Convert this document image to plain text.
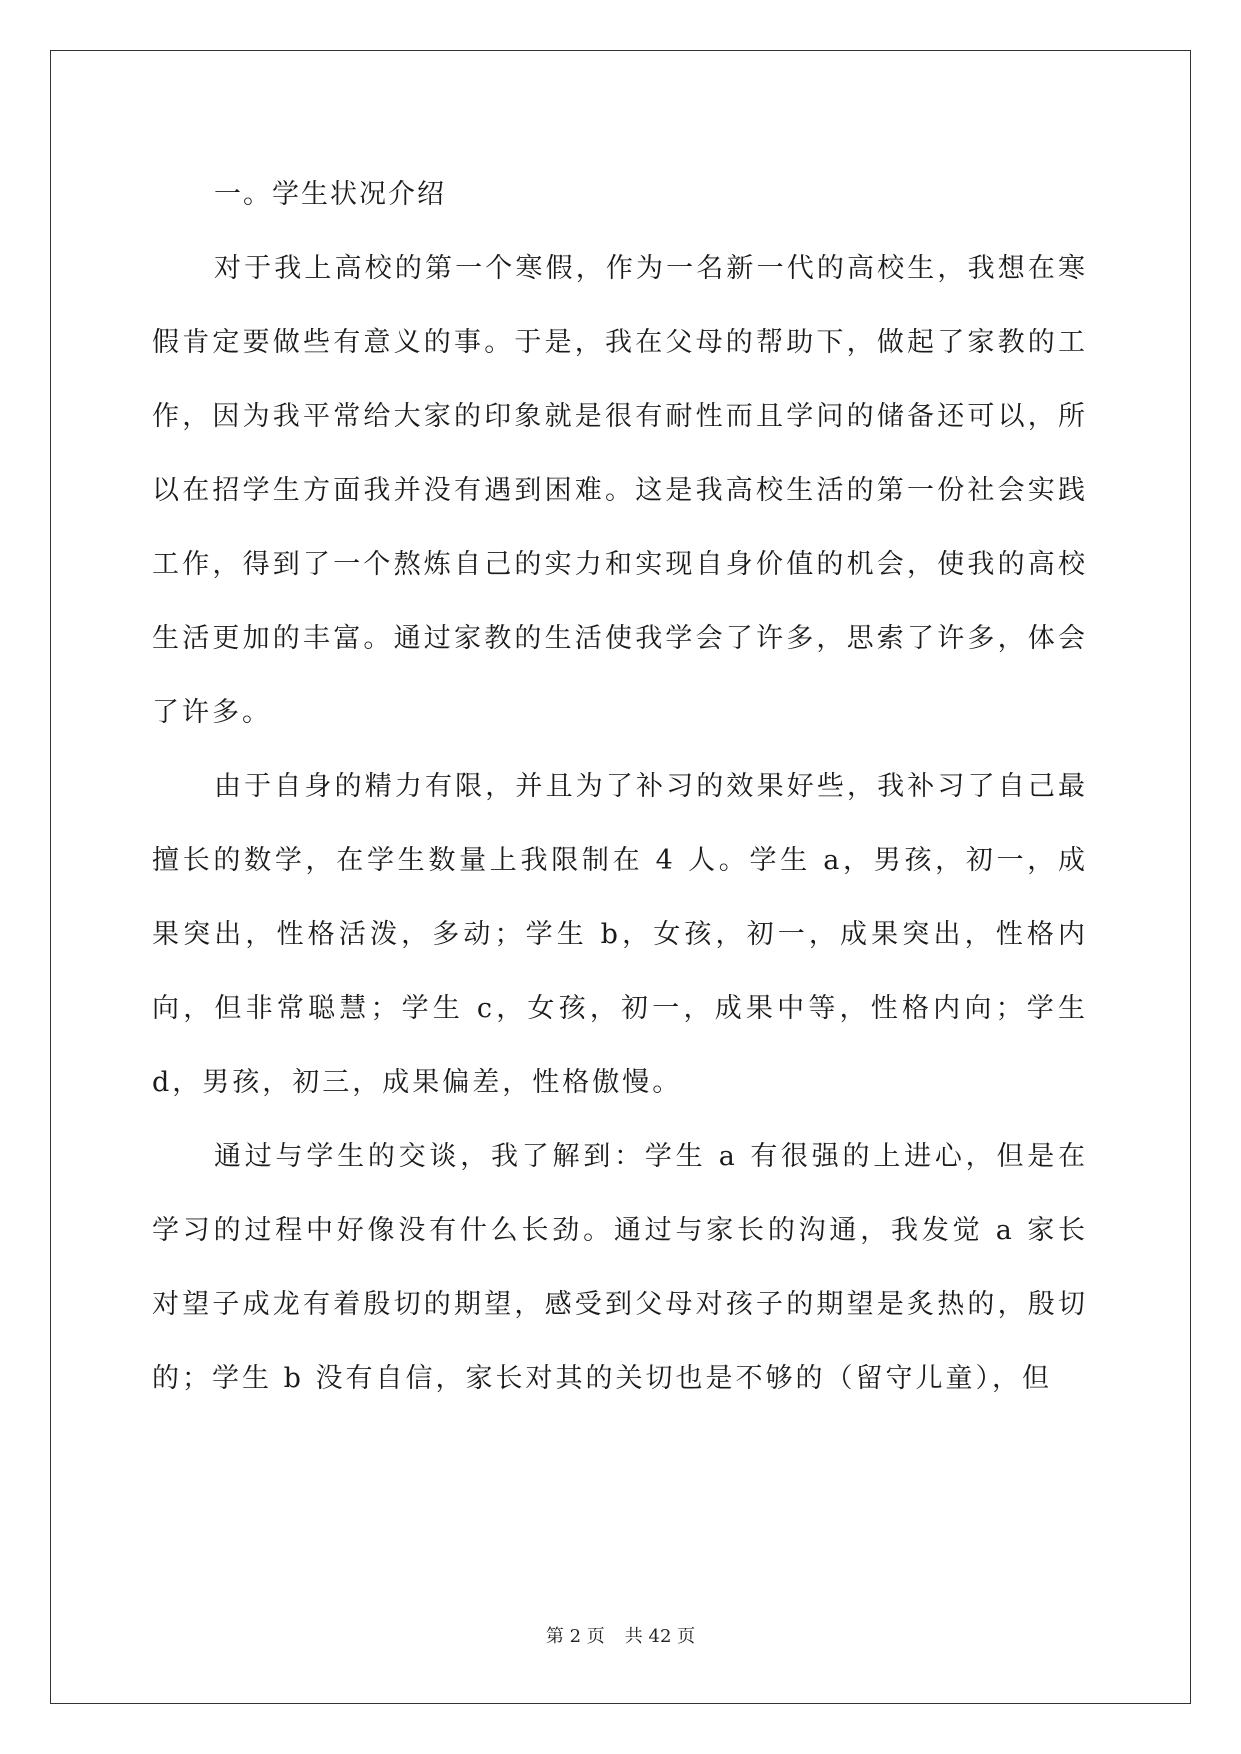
一。学生状况介绍

对于我上高校的第一个寒假，作为一名新一代的高校生，我想在寒假肯定要做些有意义的事。于是，我在父母的帮助下，做起了家教的工作，因为我平常给大家的印象就是很有耐性而且学问的储备还可以，所以在招学生方面我并没有遇到困难。这是我高校生活的第一份社会实践工作，得到了一个熬炼自己的实力和实现自身价值的机会，使我的高校生活更加的丰富。通过家教的生活使我学会了许多，思索了许多，体会了许多。

由于自身的精力有限，并且为了补习的效果好些，我补习了自己最擅长的数学，在学生数量上我限制在 4 人。学生 a，男孩，初一，成果突出，性格活泼，多动；学生 b，女孩，初一，成果突出，性格内向，但非常聪慧；学生 c，女孩，初一，成果中等，性格内向；学生 d，男孩，初三，成果偏差，性格傲慢。

通过与学生的交谈，我了解到：学生 a 有很强的上进心，但是在学习的过程中好像没有什么长劲。通过与家长的沟通，我发觉 a 家长对望子成龙有着殷切的期望，感受到父母对孩子的期望是炙热的，殷切的；学生 b 没有自信，家长对其的关切也是不够的（留守儿童），但

第 2 页 共 42 页
